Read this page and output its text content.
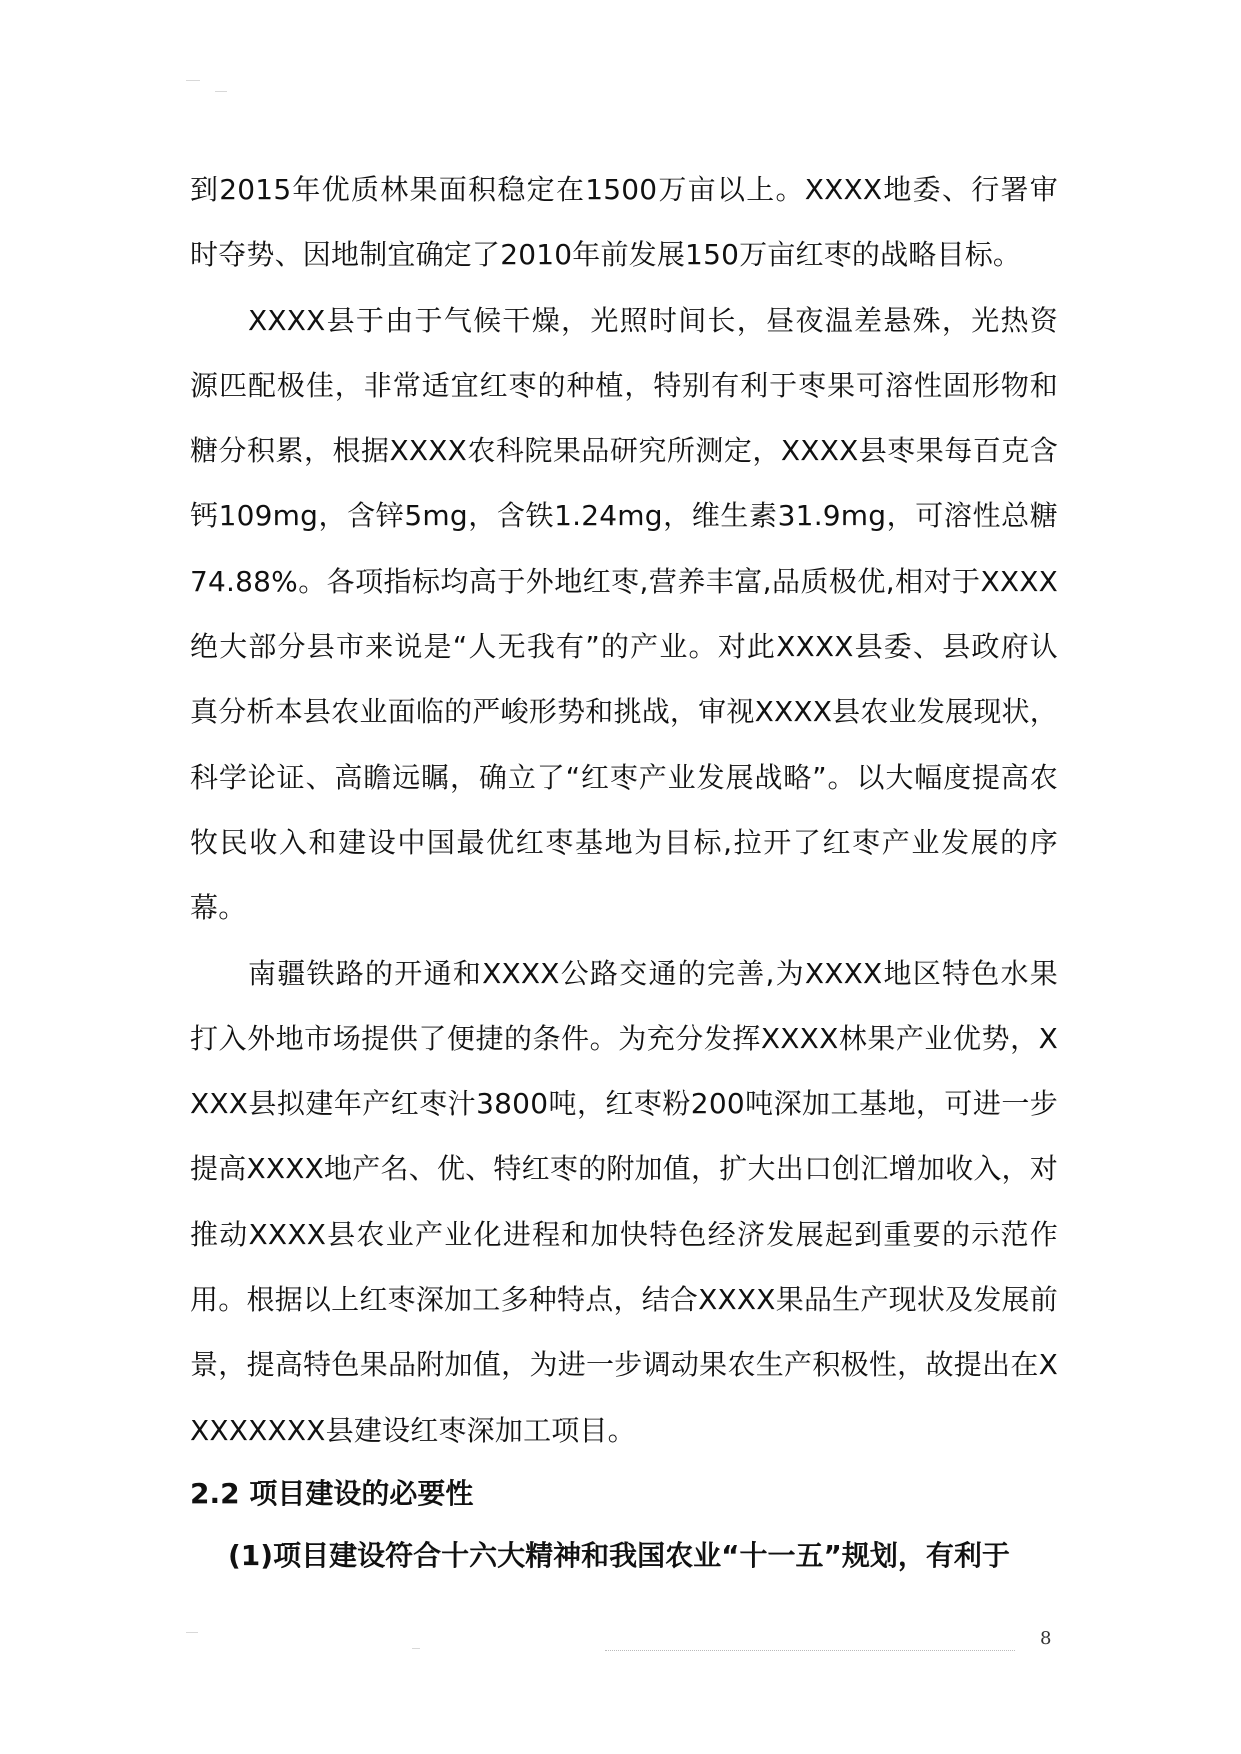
到2015年优质林果面积稳定在1500万亩以上。XXXX地委、行署审时夺势、因地制宜确定了2010年前发展150万亩红枣的战略目标。

XXXX县于由于气候干燥，光照时间长，昼夜温差悬殊，光热资源匹配极佳，非常适宜红枣的种植，特别有利于枣果可溶性固形物和糖分积累，根据XXXX农科院果品研究所测定，XXXX县枣果每百克含钙109mg，含锌5mg，含铁1.24mg，维生素31.9mg，可溶性总糖74.88%。各项指标均高于外地红枣,营养丰富,品质极优,相对于XXXX绝大部分县市来说是“人无我有”的产业。对此XXXX县委、县政府认真分析本县农业面临的严峻形势和挑战，审视XXXX县农业发展现状，科学论证、高瞻远瞩，确立了“红枣产业发展战略”。以大幅度提高农牧民收入和建设中国最优红枣基地为目标,拉开了红枣产业发展的序幕。

南疆铁路的开通和XXXX公路交通的完善,为XXXX地区特色水果打入外地市场提供了便捷的条件。为充分发挥XXXX林果产业优势，XXXX县拟建年产红枣汁3800吨，红枣粉200吨深加工基地，可进一步提高XXXX地产名、优、特红枣的附加值，扩大出口创汇增加收入，对推动XXXX县农业产业化进程和加快特色经济发展起到重要的示范作用。根据以上红枣深加工多种特点，结合XXXX果品生产现状及发展前景，提高特色果品附加值，为进一步调动果农生产积极性，故提出在XXXXXXXX县建设红枣深加工项目。

2.2 项目建设的必要性

(1)项目建设符合十六大精神和我国农业“十一五”规划，有利于

8
